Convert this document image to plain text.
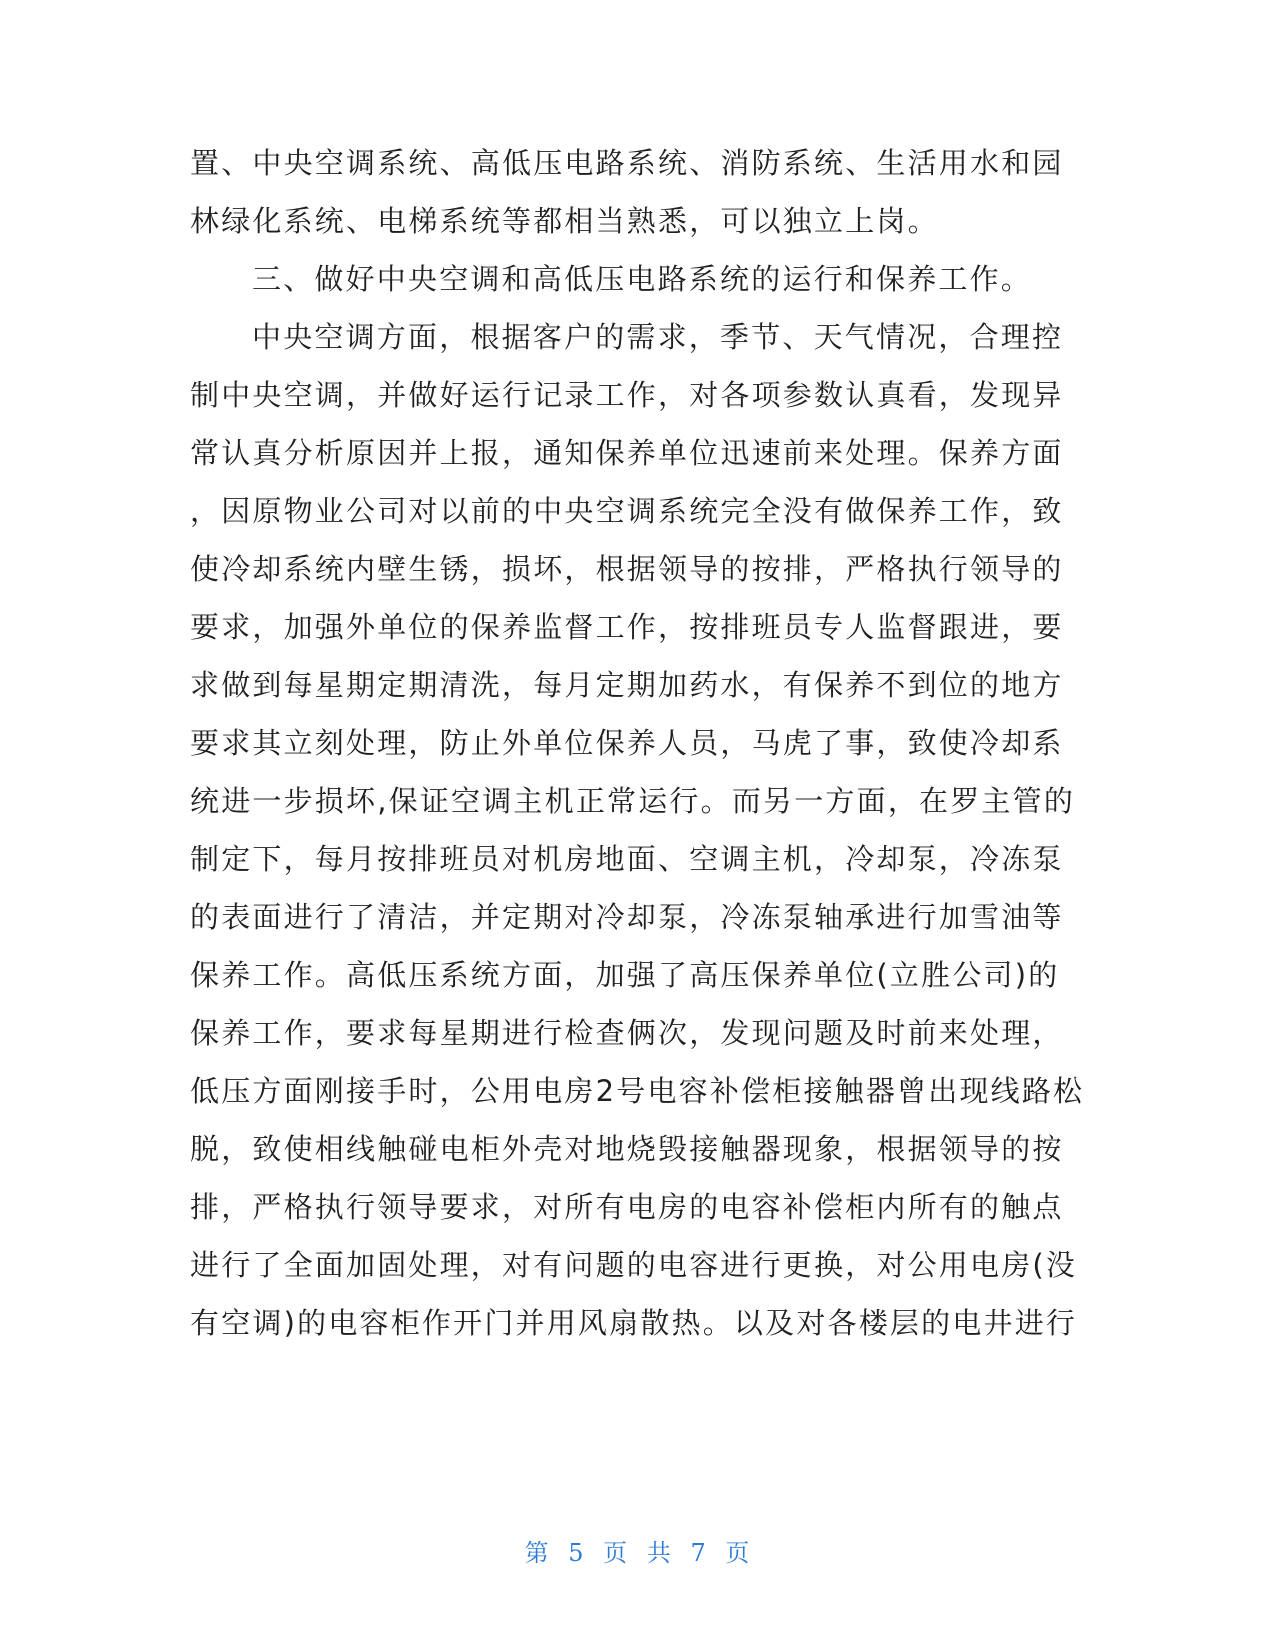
置、中央空调系统、高低压电路系统、消防系统、生活用水和园
林绿化系统、电梯系统等都相当熟悉，可以独立上岗。
三、做好中央空调和高低压电路系统的运行和保养工作。
中央空调方面，根据客户的需求，季节、天气情况，合理控
制中央空调，并做好运行记录工作，对各项参数认真看，发现异
常认真分析原因并上报，通知保养单位迅速前来处理。保养方面
，因原物业公司对以前的中央空调系统完全没有做保养工作，致
使冷却系统内壁生锈，损坏，根据领导的按排，严格执行领导的
要求，加强外单位的保养监督工作，按排班员专人监督跟进，要
求做到每星期定期清洗，每月定期加药水，有保养不到位的地方
要求其立刻处理，防止外单位保养人员，马虎了事，致使冷却系
统进一步损坏,保证空调主机正常运行。而另一方面，在罗主管的
制定下，每月按排班员对机房地面、空调主机，冷却泵，冷冻泵
的表面进行了清洁，并定期对冷却泵，冷冻泵轴承进行加雪油等
保养工作。高低压系统方面，加强了高压保养单位(立胜公司)的
保养工作，要求每星期进行检查俩次，发现问题及时前来处理，
低压方面刚接手时，公用电房2号电容补偿柜接触器曾出现线路松
脱，致使相线触碰电柜外壳对地烧毁接触器现象，根据领导的按
排，严格执行领导要求，对所有电房的电容补偿柜内所有的触点
进行了全面加固处理，对有问题的电容进行更换，对公用电房(没
有空调)的电容柜作开门并用风扇散热。以及对各楼层的电井进行
第 5 页 共 7 页
